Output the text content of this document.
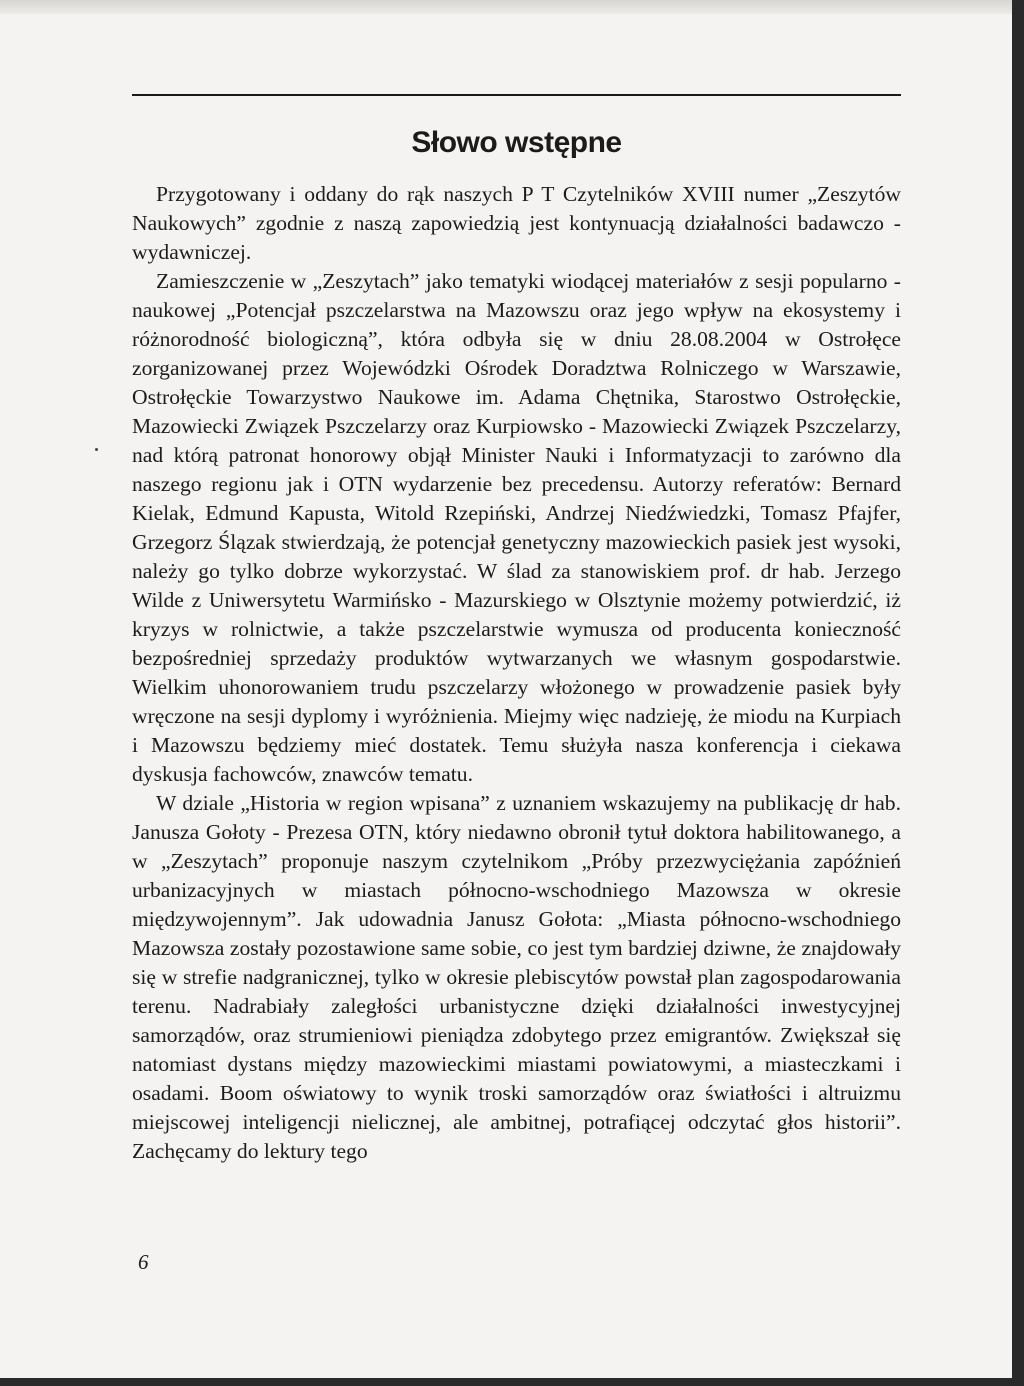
Słowo wstępne

Przygotowany i oddany do rąk naszych P T Czytelników XVIII numer „Zeszytów Naukowych” zgodnie z naszą zapowiedzią jest kontynuacją działalności badawczo - wydawniczej.

Zamieszczenie w „Zeszytach” jako tematyki wiodącej materiałów z sesji popularno - naukowej „Potencjał pszczelarstwa na Mazowszu oraz jego wpływ na ekosystemy i różnorodność biologiczną”, która odbyła się w dniu 28.08.2004 w Ostrołęce zorganizowanej przez Wojewódzki Ośrodek Doradztwa Rolniczego w Warszawie, Ostrołęckie Towarzystwo Naukowe im. Adama Chętnika, Starostwo Ostrołęckie, Mazowiecki Związek Pszczelarzy oraz Kurpiowsko - Mazowiecki Związek Pszczelarzy, nad którą patronat honorowy objął Minister Nauki i Informatyzacji to zarówno dla naszego regionu jak i OTN wydarzenie bez precedensu. Autorzy referatów: Bernard Kielak, Edmund Kapusta, Witold Rzepiński, Andrzej Niedźwiedzki, Tomasz Pfajfer, Grzegorz Ślązak stwierdzają, że potencjał genetyczny mazowieckich pasiek jest wysoki, należy go tylko dobrze wykorzystać. W ślad za stanowiskiem prof. dr hab. Jerzego Wilde z Uniwersytetu Warmińsko - Mazurskiego w Olsztynie możemy potwierdzić, iż kryzys w rolnictwie, a także pszczelarstwie wymusza od producenta konieczność bezpośredniej sprzedaży produktów wytwarzanych we własnym gospodarstwie. Wielkim uhonorowaniem trudu pszczelarzy włożonego w prowadzenie pasiek były wręczone na sesji dyplomy i wyróżnienia. Miejmy więc nadzieję, że miodu na Kurpiach i Mazowszu będziemy mieć dostatek. Temu służyła nasza konferencja i ciekawa dyskusja fachowców, znawców tematu.

W dziale „Historia w region wpisana” z uznaniem wskazujemy na publikację dr hab. Janusza Gołoty - Prezesa OTN, który niedawno obronił tytuł doktora habilitowanego, a w „Zeszytach” proponuje naszym czytelnikom „Próby przezwyciężania zapóźnień urbanizacyjnych w miastach północno-wschodniego Mazowsza w okresie międzywojennym”. Jak udowadnia Janusz Gołota: „Miasta północno-wschodniego Mazowsza zostały pozostawione same sobie, co jest tym bardziej dziwne, że znajdowały się w strefie nadgranicznej, tylko w okresie plebiscytów powstał plan zagospodarowania terenu. Nadrabiały zaległości urbanistyczne dzięki działalności inwestycyjnej samorządów, oraz strumieniowi pieniądza zdobytego przez emigrantów. Zwiększał się natomiast dystans między mazowieckimi miastami powiatowymi, a miasteczkami i osadami. Boom oświatowy to wynik troski samorządów oraz światłości i altruizmu miejscowej inteligencji nielicznej, ale ambitnej, potrafiącej odczytać głos historii”. Zachęcamy do lektury tego

6
